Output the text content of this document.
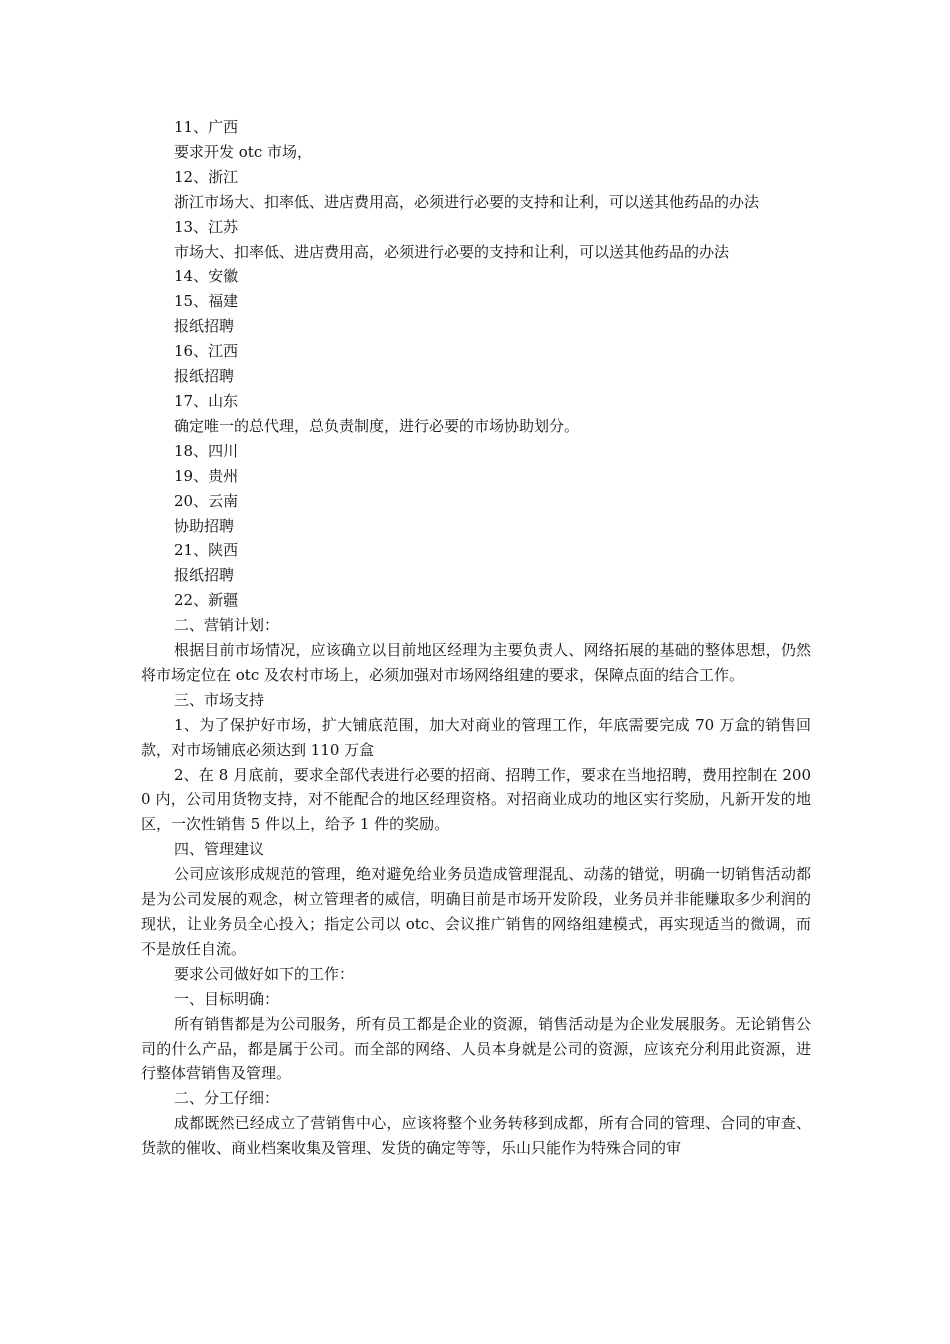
11、广西

要求开发 otc 市场，

12、浙江

浙江市场大、扣率低、进店费用高，必须进行必要的支持和让利，可以送其他药品的办法

13、江苏

市场大、扣率低、进店费用高，必须进行必要的支持和让利，可以送其他药品的办法

14、安徽

15、福建

报纸招聘

16、江西

报纸招聘

17、山东

确定唯一的总代理，总负责制度，进行必要的市场协助划分。

18、四川

19、贵州

20、云南

协助招聘

21、陕西

报纸招聘

22、新疆

二、营销计划：

根据目前市场情况，应该确立以目前地区经理为主要负责人、网络拓展的基础的整体思想，仍然将市场定位在 otc 及农村市场上，必须加强对市场网络组建的要求，保障点面的结合工作。

三、市场支持

1、为了保护好市场，扩大铺底范围，加大对商业的管理工作，年底需要完成 70 万盒的销售回款，对市场铺底必须达到 110 万盒

2、在 8 月底前，要求全部代表进行必要的招商、招聘工作，要求在当地招聘，费用控制在 2000 内，公司用货物支持，对不能配合的地区经理资格。对招商业成功的地区实行奖励，凡新开发的地区，一次性销售 5 件以上，给予 1 件的奖励。

四、管理建议

公司应该形成规范的管理，绝对避免给业务员造成管理混乱、动荡的错觉，明确一切销售活动都是为公司发展的观念，树立管理者的威信，明确目前是市场开发阶段，业务员并非能赚取多少利润的现状，让业务员全心投入；指定公司以 otc、会议推广销售的网络组建模式，再实现适当的微调，而不是放任自流。

要求公司做好如下的工作：

一、目标明确：

所有销售都是为公司服务，所有员工都是企业的资源，销售活动是为企业发展服务。无论销售公司的什么产品，都是属于公司。而全部的网络、人员本身就是公司的资源，应该充分利用此资源，进行整体营销售及管理。

二、分工仔细：

成都既然已经成立了营销售中心，应该将整个业务转移到成都，所有合同的管理、合同的审查、货款的催收、商业档案收集及管理、发货的确定等等，乐山只能作为特殊合同的审
